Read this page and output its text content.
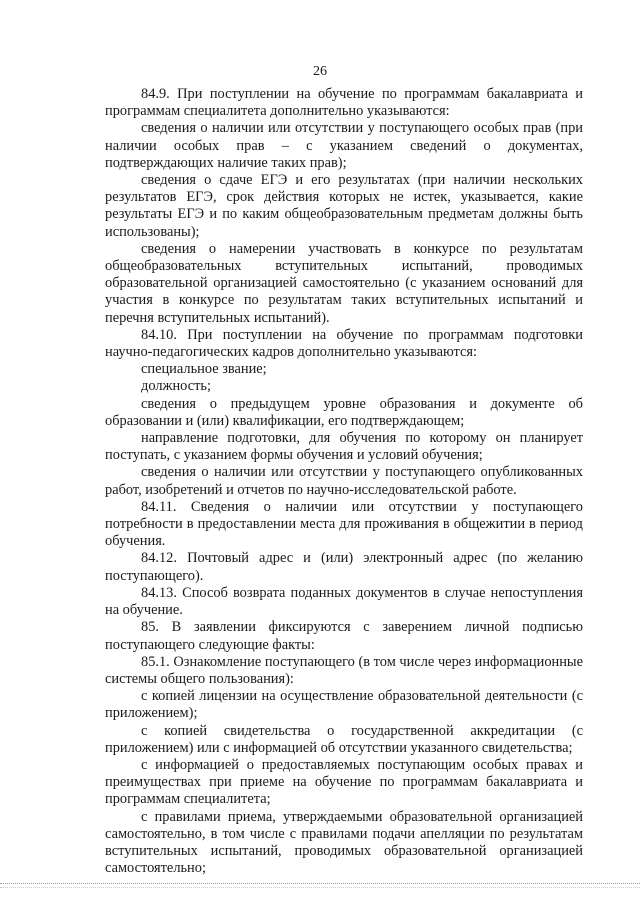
26

84.9. При поступлении на обучение по программам бакалавриата и программам специалитета дополнительно указываются:

сведения о наличии или отсутствии у поступающего особых прав (при наличии особых прав – с указанием сведений о документах, подтверждающих наличие таких прав);

сведения о сдаче ЕГЭ и его результатах (при наличии нескольких результатов ЕГЭ, срок действия которых не истек, указывается, какие результаты ЕГЭ и по каким общеобразовательным предметам должны быть использованы);

сведения о намерении участвовать в конкурсе по результатам общеобразовательных вступительных испытаний, проводимых образовательной организацией самостоятельно (с указанием оснований для участия в конкурсе по результатам таких вступительных испытаний и перечня вступительных испытаний).

84.10. При поступлении на обучение по программам подготовки научно-педагогических кадров дополнительно указываются:

специальное звание;

должность;

сведения о предыдущем уровне образования и документе об образовании и (или) квалификации, его подтверждающем;

направление подготовки, для обучения по которому он планирует поступать, с указанием формы обучения и условий обучения;

сведения о наличии или отсутствии у поступающего опубликованных работ, изобретений и отчетов по научно-исследовательской работе.

84.11. Сведения о наличии или отсутствии у поступающего потребности в предоставлении места для проживания в общежитии в период обучения.

84.12. Почтовый адрес и (или) электронный адрес (по желанию поступающего).

84.13. Способ возврата поданных документов в случае непоступления на обучение.

85. В заявлении фиксируются с заверением личной подписью поступающего следующие факты:

85.1. Ознакомление поступающего (в том числе через информационные системы общего пользования):

с копией лицензии на осуществление образовательной деятельности (с приложением);

с копией свидетельства о государственной аккредитации (с приложением) или с информацией об отсутствии указанного свидетельства;

с информацией о предоставляемых поступающим особых правах и преимуществах при приеме на обучение по программам бакалавриата и программам специалитета;

с правилами приема, утверждаемыми образовательной организацией самостоятельно, в том числе с правилами подачи апелляции по результатам вступительных испытаний, проводимых образовательной организацией самостоятельно;
